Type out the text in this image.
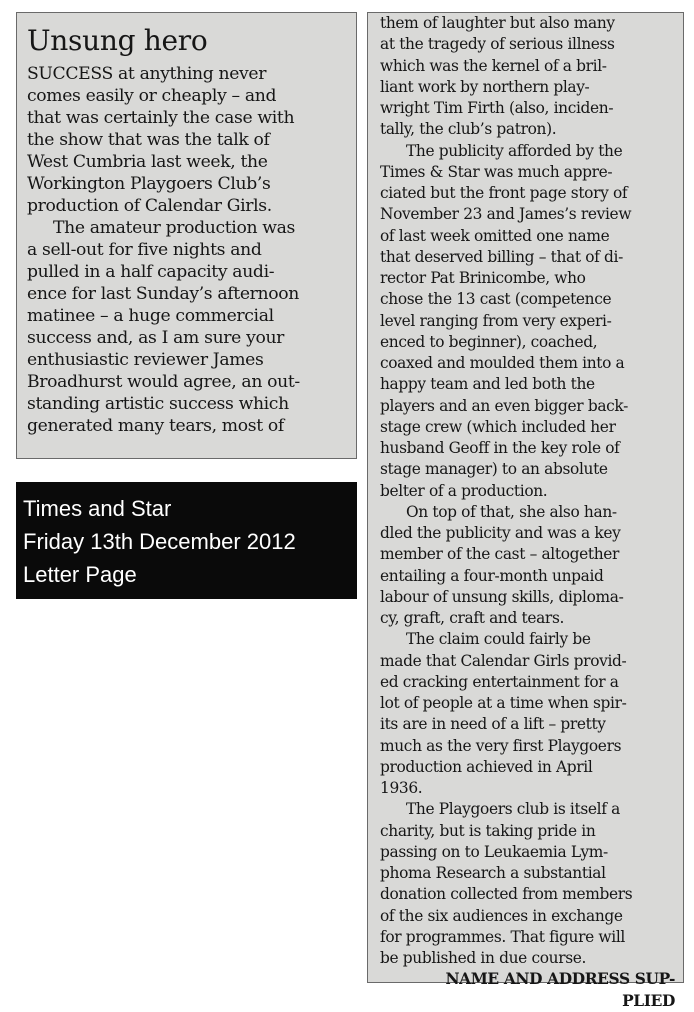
Unsung hero
SUCCESS at anything never
comes easily or cheaply – and
that was certainly the case with
the show that was the talk of
West Cumbria last week, the
Workington Playgoers Club’s
production of Calendar Girls.
The amateur production was
a sell-out for five nights and
pulled in a half capacity audi-
ence for last Sunday’s afternoon
matinee – a huge commercial
success and, as I am sure your
enthusiastic reviewer James
Broadhurst would agree, an out-
standing artistic success which
generated many tears, most of
Times and Star
Friday 13th December 2012
Letter Page
them of laughter but also many
at the tragedy of serious illness
which was the kernel of a bril-
liant work by northern play-
wright Tim Firth (also, inciden-
tally, the club’s patron).
The publicity afforded by the
Times & Star was much appre-
ciated but the front page story of
November 23 and James’s review
of last week omitted one name
that deserved billing – that of di-
rector Pat Brinicombe, who
chose the 13 cast (competence
level ranging from very experi-
enced to beginner), coached,
coaxed and moulded them into a
happy team and led both the
players and an even bigger back-
stage crew (which included her
husband Geoff in the key role of
stage manager) to an absolute
belter of a production.
On top of that, she also han-
dled the publicity and was a key
member of the cast – altogether
entailing a four-month unpaid
labour of unsung skills, diploma-
cy, graft, craft and tears.
The claim could fairly be
made that Calendar Girls provid-
ed cracking entertainment for a
lot of people at a time when spir-
its are in need of a lift – pretty
much as the very first Playgoers
production achieved in April
1936.
The Playgoers club is itself a
charity, but is taking pride in
passing on to Leukaemia Lym-
phoma Research a substantial
donation collected from members
of the six audiences in exchange
for programmes. That figure will
be published in due course.
NAME AND ADDRESS SUP-
PLIED
